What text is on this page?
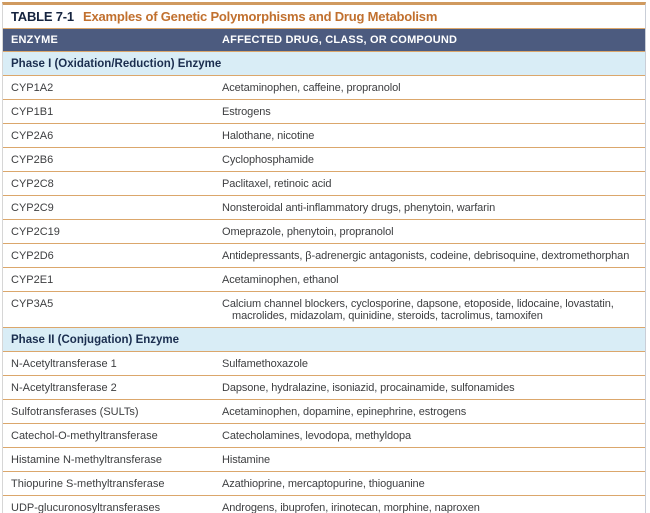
TABLE 7-1 Examples of Genetic Polymorphisms and Drug Metabolism
ENZYME	AFFECTED DRUG, CLASS, OR COMPOUND
Phase I (Oxidation/Reduction) Enzyme
CYP1A2	Acetaminophen, caffeine, propranolol
CYP1B1	Estrogens
CYP2A6	Halothane, nicotine
CYP2B6	Cyclophosphamide
CYP2C8	Paclitaxel, retinoic acid
CYP2C9	Nonsteroidal anti-inflammatory drugs, phenytoin, warfarin
CYP2C19	Omeprazole, phenytoin, propranolol
CYP2D6	Antidepressants, β-adrenergic antagonists, codeine, debrisoquine, dextromethorphan
CYP2E1	Acetaminophen, ethanol
CYP3A5	Calcium channel blockers, cyclosporine, dapsone, etoposide, lidocaine, lovastatin, macrolides, midazolam, quinidine, steroids, tacrolimus, tamoxifen
Phase II (Conjugation) Enzyme
N-Acetyltransferase 1	Sulfamethoxazole
N-Acetyltransferase 2	Dapsone, hydralazine, isoniazid, procainamide, sulfonamides
Sulfotransferases (SULTs)	Acetaminophen, dopamine, epinephrine, estrogens
Catechol-O-methyltransferase	Catecholamines, levodopa, methyldopa
Histamine N-methyltransferase	Histamine
Thiopurine S-methyltransferase	Azathioprine, mercaptopurine, thioguanine
UDP-glucuronosyltransferases	Androgens, ibuprofen, irinotecan, morphine, naproxen
